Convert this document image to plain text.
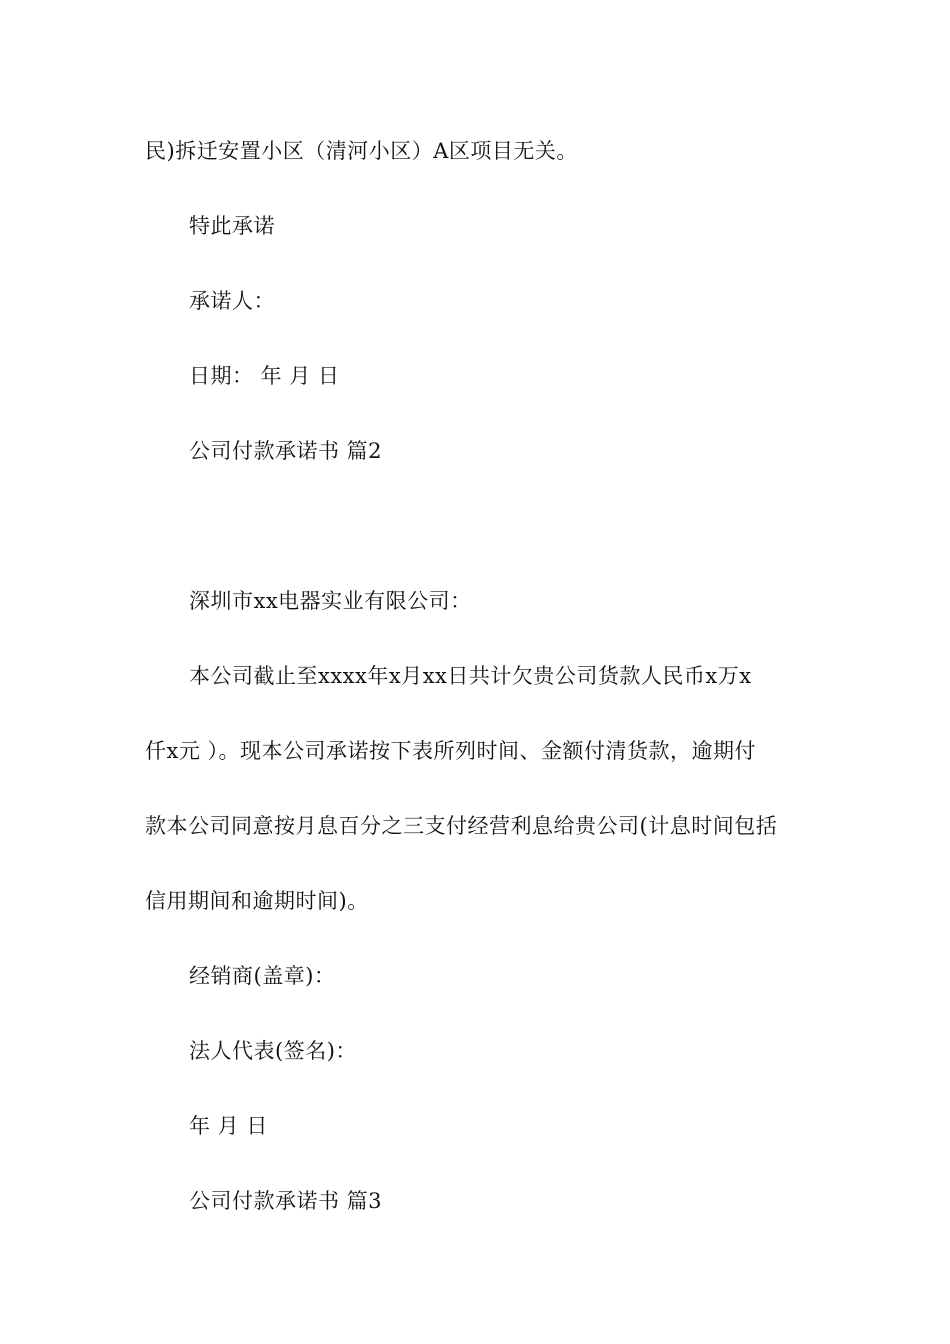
民)拆迁安置小区（清河小区）A区项目无关。
特此承诺
承诺人：
日期： 年 月 日
公司付款承诺书 篇2
深圳市xx电器实业有限公司：
本公司截止至xxxx年x月xx日共计欠贵公司货款人民币x万x
仟x元 ）。现本公司承诺按下表所列时间、金额付清货款，逾期付
款本公司同意按月息百分之三支付经营利息给贵公司(计息时间包括
信用期间和逾期时间)。
经销商(盖章)：
法人代表(签名)：
年 月 日
公司付款承诺书 篇3
